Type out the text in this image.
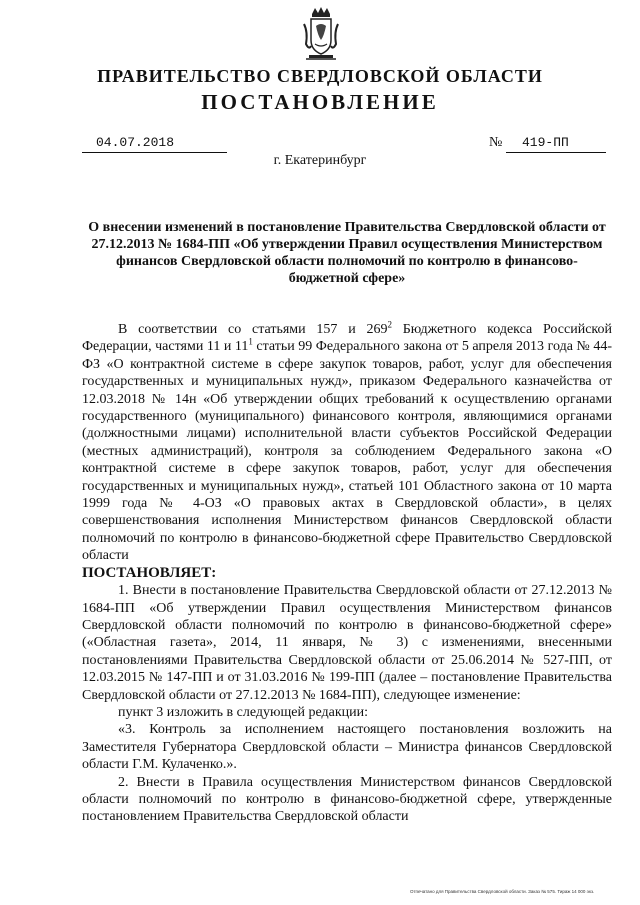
ПРАВИТЕЛЬСТВО СВЕРДЛОВСКОЙ ОБЛАСТИ
ПОСТАНОВЛЕНИЕ
04.07.2018	№	419-ПП
г. Екатеринбург
О внесении изменений в постановление Правительства Свердловской области от 27.12.2013 № 1684-ПП «Об утверждении Правил осуществления Министерством финансов Свердловской области полномочий по контролю в финансово-бюджетной сфере»

В соответствии со статьями 157 и $269^2$ Бюджетного кодекса Российской Федерации, частями 11 и $11^1$ статьи 99 Федерального закона от 5 апреля 2013 года № 44-ФЗ «О контрактной системе в сфере закупок товаров, работ, услуг для обеспечения государственных и муниципальных нужд», приказом Федерального казначейства от 12.03.2018 № 14н «Об утверждении общих требований к осуществлению органами государственного (муниципального) финансового контроля, являющимися органами (должностными лицами) исполнительной власти субъектов Российской Федерации (местных администраций), контроля за соблюдением Федерального закона «О контрактной системе в сфере закупок товаров, работ, услуг для обеспечения государственных и муниципальных нужд», статьей 101 Областного закона от 10 марта 1999 года № 4-ОЗ «О правовых актах в Свердловской области», в целях совершенствования исполнения Министерством финансов Свердловской области полномочий по контролю в финансово-бюджетной сфере Правительство Свердловской области

ПОСТАНОВЛЯЕТ:

1. Внести в постановление Правительства Свердловской области от 27.12.2013 № 1684-ПП «Об утверждении Правил осуществления Министерством финансов Свердловской области полномочий по контролю в финансово-бюджетной сфере» («Областная газета», 2014, 11 января, № 3) с изменениями, внесенными постановлениями Правительства Свердловской области от 25.06.2014 № 527-ПП, от 12.03.2015 № 147-ПП и от 31.03.2016 № 199-ПП (далее – постановление Правительства Свердловской области от 27.12.2013 № 1684-ПП), следующее изменение:

пункт 3 изложить в следующей редакции:

«3. Контроль за исполнением настоящего постановления возложить на Заместителя Губернатора Свердловской области – Министра финансов Свердловской области Г.М. Кулаченко.».

2. Внести в Правила осуществления Министерством финансов Свердловской области полномочий по контролю в финансово-бюджетной сфере, утвержденные постановлением Правительства Свердловской области

Отпечатано для Правительства Свердловской области. Заказ № 575. Тираж 14 000 экз.
